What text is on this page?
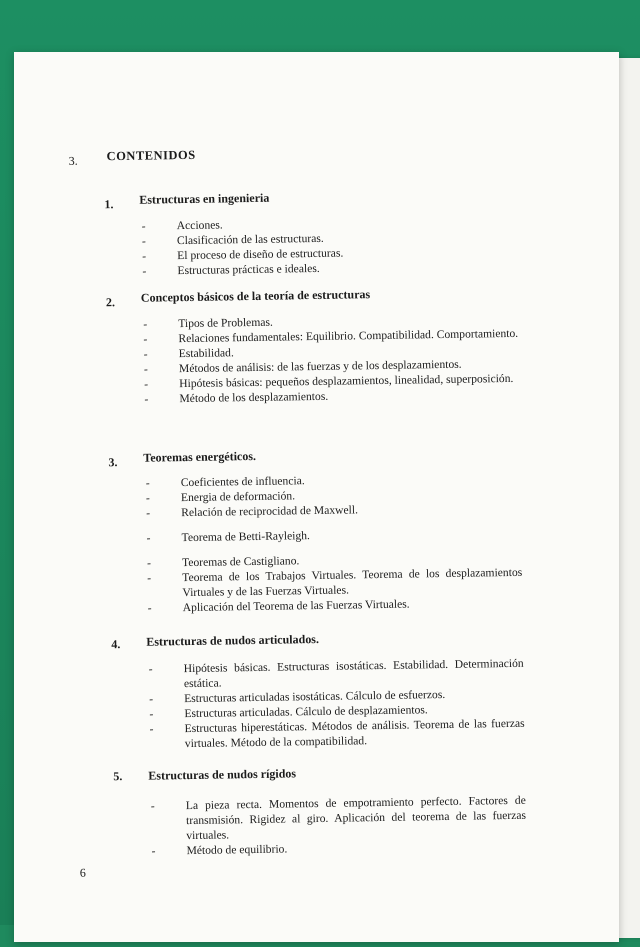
3. CONTENIDOS
1. Estructuras en ingenieria
-	Acciones.
-	Clasificación de las estructuras.
-	El proceso de diseño de estructuras.
-	Estructuras prácticas e ideales.
2. Conceptos básicos de la teoría de estructuras
-	Tipos de Problemas.
-	Relaciones fundamentales: Equilibrio. Compatibilidad. Comportamiento.
-	Estabilidad.
-	Métodos de análisis: de las fuerzas y de los desplazamientos.
-	Hipótesis básicas: pequeños desplazamientos, linealidad, superposición.
-	Método de los desplazamientos.
3. Teoremas energéticos.
-	Coeficientes de influencia.
-	Energia de deformación.
-	Relación de reciprocidad de Maxwell.
-	Teorema de Betti-Rayleigh.
-	Teoremas de Castigliano.
-	Teorema de los Trabajos Virtuales. Teorema de los desplazamientos Virtuales y de las Fuerzas Virtuales.
-	Aplicación del Teorema de las Fuerzas Virtuales.
4. Estructuras de nudos articulados.
-	Hipótesis básicas. Estructuras isostáticas. Estabilidad. Determinación estática.
-	Estructuras articuladas isostáticas. Cálculo de esfuerzos.
-	Estructuras articuladas. Cálculo de desplazamientos.
-	Estructuras hiperestáticas. Métodos de análisis. Teorema de las fuerzas virtuales. Método de la compatibilidad.
5. Estructuras de nudos rígidos
-	La pieza recta. Momentos de empotramiento perfecto. Factores de transmisión. Rigidez al giro. Aplicación del teorema de las fuerzas virtuales.
-	Método de equilibrio.
6
